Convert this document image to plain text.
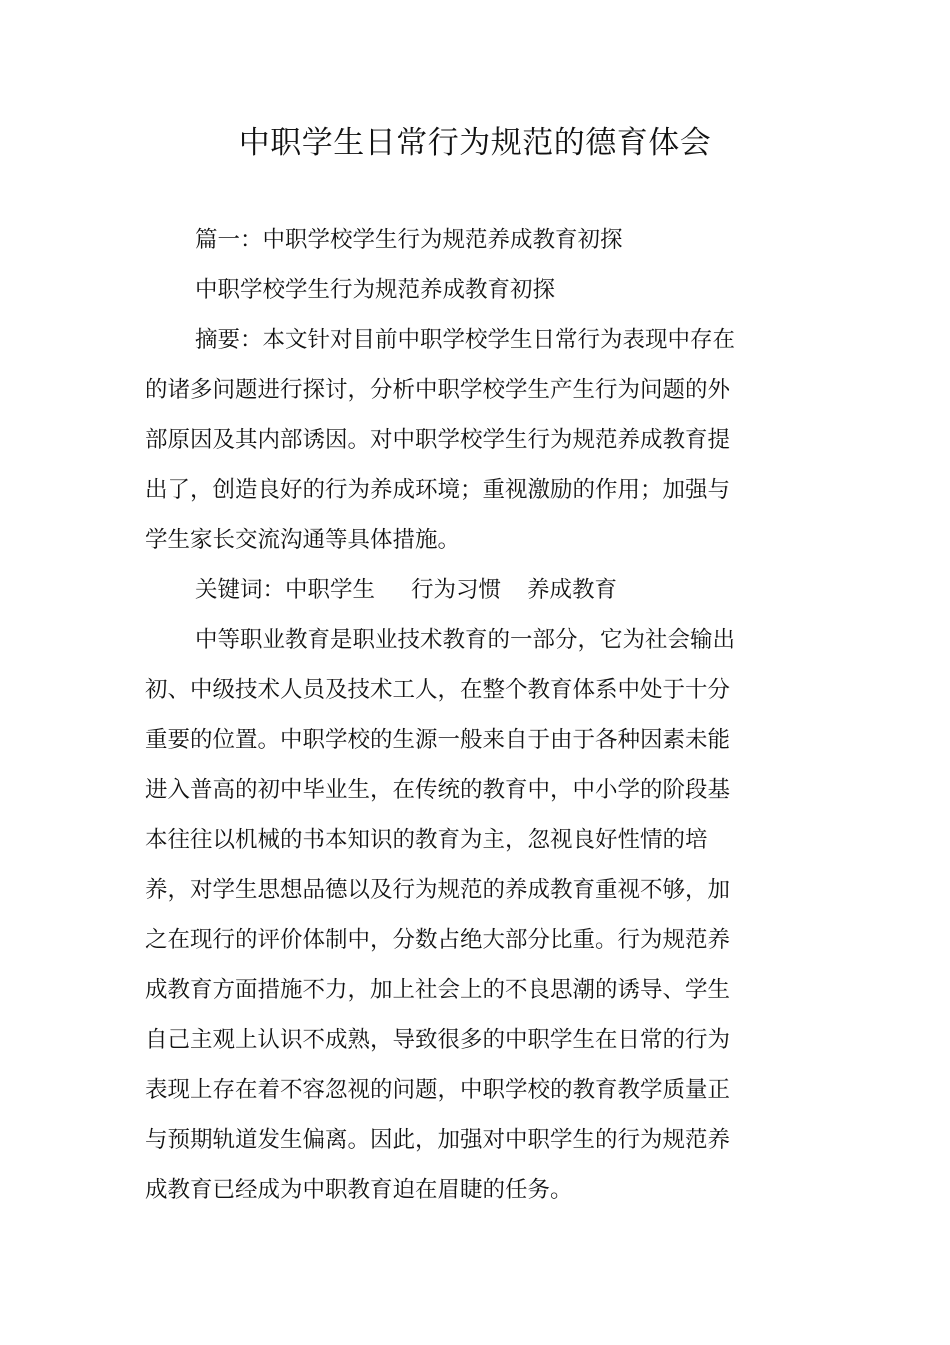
中职学生日常行为规范的德育体会
篇一：中职学校学生行为规范养成教育初探
中职学校学生行为规范养成教育初探
摘要：本文针对目前中职学校学生日常行为表现中存在
的诸多问题进行探讨，分析中职学校学生产生行为问题的外
部原因及其内部诱因。对中职学校学生行为规范养成教育提
出了，创造良好的行为养成环境；重视激励的作用；加强与
学生家长交流沟通等具体措施。
关键词：中职学生 行为习惯 养成教育
中等职业教育是职业技术教育的一部分，它为社会输出
初、中级技术人员及技术工人，在整个教育体系中处于十分
重要的位置。中职学校的生源一般来自于由于各种因素未能
进入普高的初中毕业生，在传统的教育中，中小学的阶段基
本往往以机械的书本知识的教育为主，忽视良好性情的培
养，对学生思想品德以及行为规范的养成教育重视不够，加
之在现行的评价体制中，分数占绝大部分比重。行为规范养
成教育方面措施不力，加上社会上的不良思潮的诱导、学生
自己主观上认识不成熟，导致很多的中职学生在日常的行为
表现上存在着不容忽视的问题，中职学校的教育教学质量正
与预期轨道发生偏离。因此，加强对中职学生的行为规范养
成教育已经成为中职教育迫在眉睫的任务。
